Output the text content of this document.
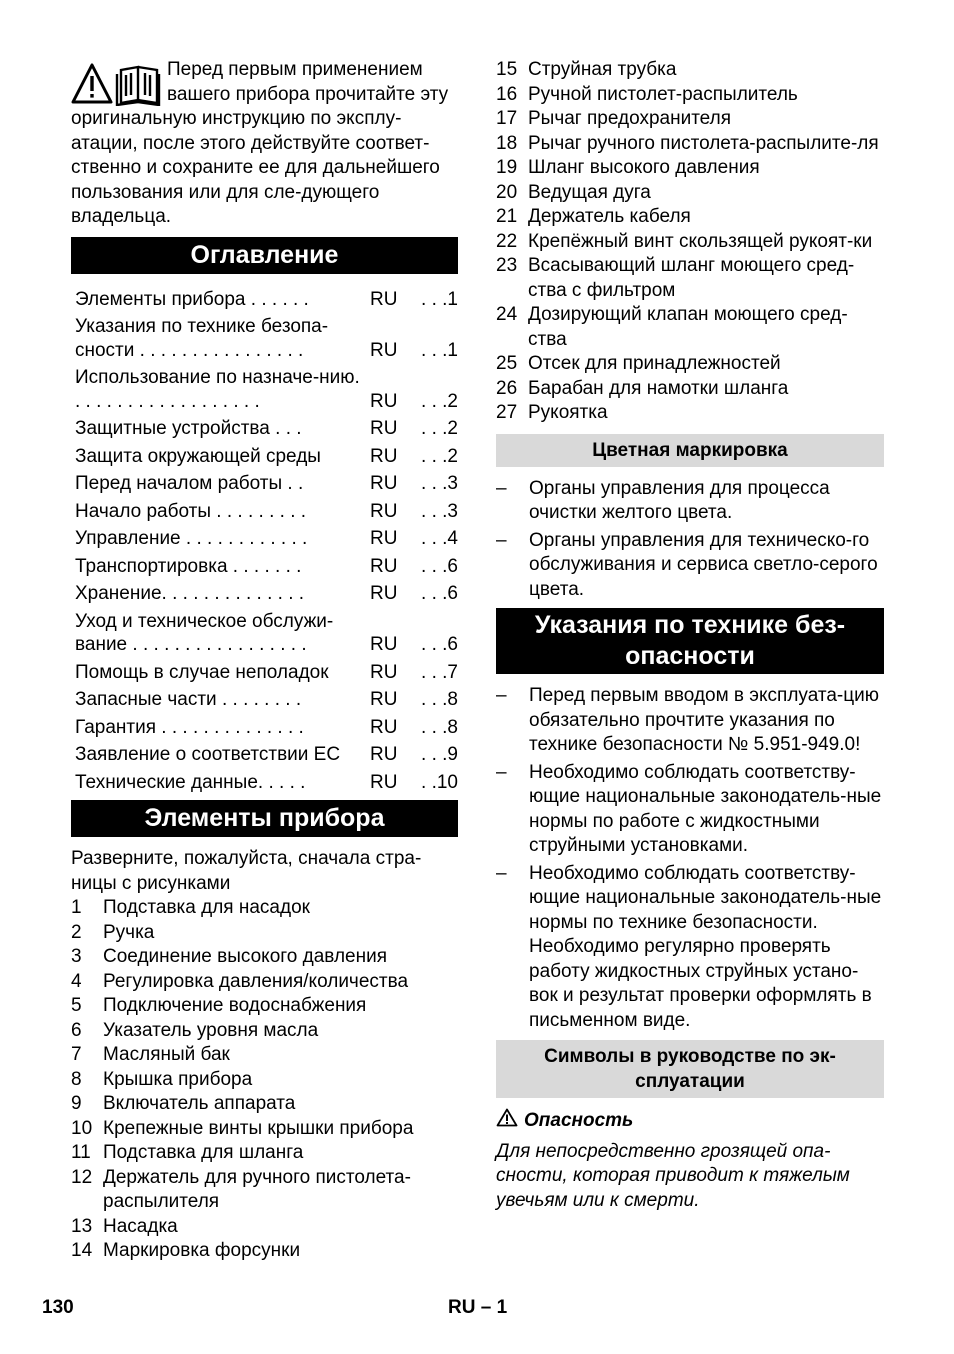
Перед первым применением вашего прибора прочитайте эту оригинальную инструкцию по эксплу-атации, после этого действуйте соответ-ственно и сохраните ее для дальнейшего пользования или для сле-дующего владельца.

Оглавление
Элементы прибора . . . . . .	RU	. . .1
Указания по технике безопа-сности . . . . . . . . . . . . . . . .	RU	. . .1
Использование по назначе-нию. . . . . . . . . . . . . . . . . . .	RU	. . .2
Защитные устройства . . .	RU	. . .2
Защита окружающей среды	RU	. . .2
Перед началом работы . .	RU	. . .3
Начало работы . . . . . . . . .	RU	. . .3
Управление . . . . . . . . . . . .	RU	. . .4
Транспортировка . . . . . . .	RU	. . .6
Хранение. . . . . . . . . . . . . .	RU	. . .6
Уход и техническое обслужи-вание . . . . . . . . . . . . . . . . .	RU	. . .6
Помощь в случае неполадок	RU	. . .7
Запасные части . . . . . . . .	RU	. . .8
Гарантия . . . . . . . . . . . . . .	RU	. . .8
Заявление о соответствии ЕС	RU	. . .9
Технические данные. . . . .	RU	. .10
Элементы прибора

Разверните, пожалуйста, сначала стра-ницы с рисунками

1	Подставка для насадок
2	Ручка
3	Соединение высокого давления
4	Регулировка давления/количества
5	Подключение водоснабжения
6	Указатель уровня масла
7	Масляный бак
8	Крышка прибора
9	Включатель аппарата
10 Крепежные винты крышки прибора
11 Подставка для шланга
12 Держатель для ручного пистолета-распылителя
13 Насадка
14 Маркировка форсунки
15 Струйная трубка
16 Ручной пистолет-распылитель
17 Рычаг предохранителя
18 Рычаг ручного пистолета-распылите-ля
19 Шланг высокого давления
20 Ведущая дуга
21 Держатель кабеля
22 Крепёжный винт скользящей рукоят-ки
23 Всасывающий шланг моющего сред-ства с фильтром
24 Дозирующий клапан моющего сред-ства
25 Отсек для принадлежностей
26 Барабан для намотки шланга
27 Рукоятка
Цветная маркировка
–	Органы управления для процесса очистки желтого цвета.
–	Органы управления для техническо-го обслуживания и сервиса светло-серого цвета.
Указания по технике без-опасности
–	Перед первым вводом в эксплуата-цию обязательно прочтите указания по технике безопасности № 5.951-949.0!
–	Необходимо соблюдать соответству-ющие национальные законодатель-ные нормы по работе с жидкостными струйными установками.
–	Необходимо соблюдать соответству-ющие национальные законодатель-ные нормы по технике безопасности. Необходимо регулярно проверять работу жидкостных струйных устано-вок и результат проверки оформлять в письменном виде.
Символы в руководстве по эк-сплуатации

Опасность

Для непосредственно грозящей опа-сности, которая приводит к тяжелым увечьям или к смерти.

130	RU – 1
